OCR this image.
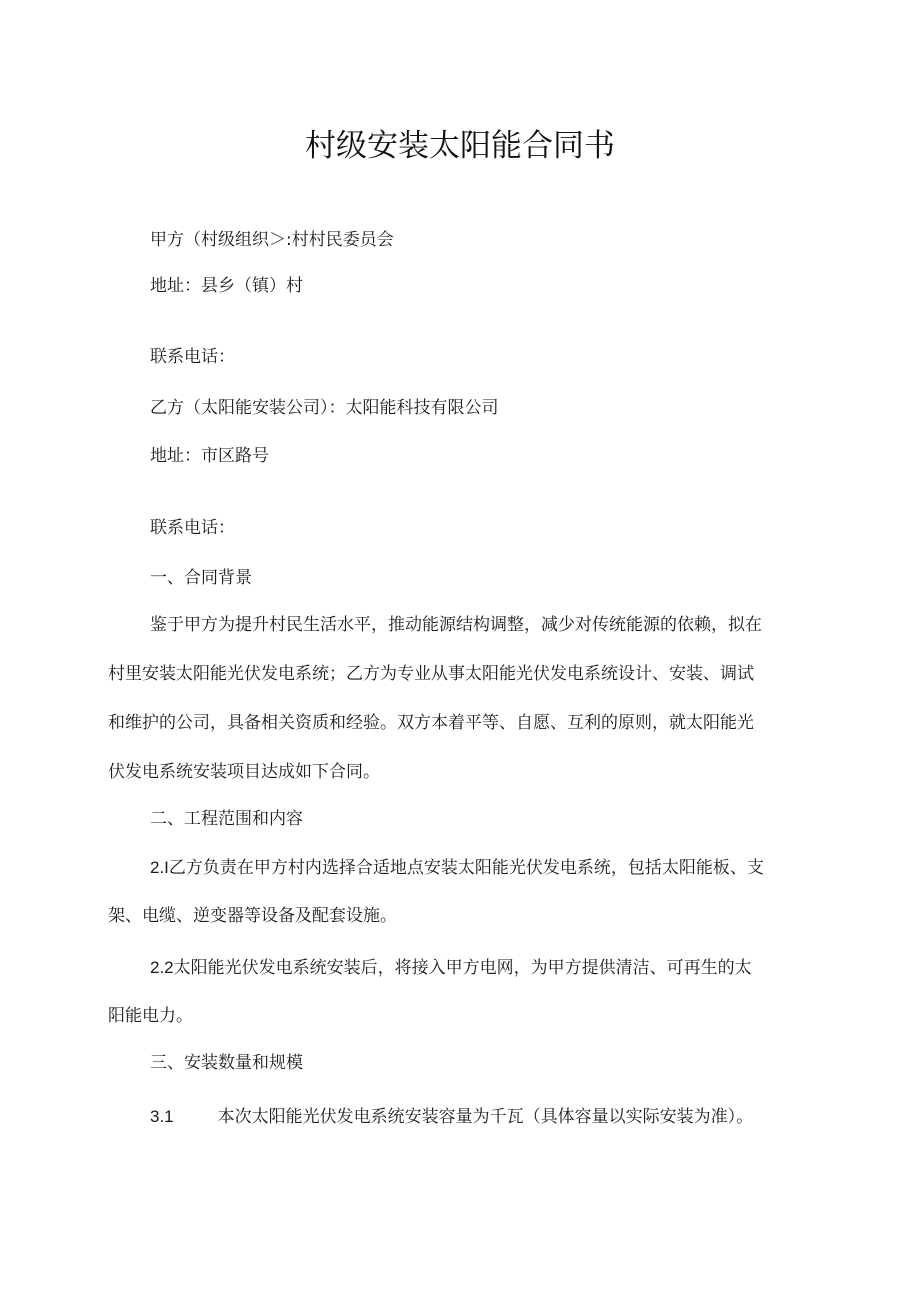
村级安装太阳能合同书
甲方（村级组织＞:村村民委员会
地址：县乡（镇）村
联系电话：
乙方（太阳能安装公司）：太阳能科技有限公司
地址：市区路号
联系电话：
一、合同背景
鉴于甲方为提升村民生活水平，推动能源结构调整，减少对传统能源的依赖，拟在
村里安装太阳能光伏发电系统；乙方为专业从事太阳能光伏发电系统设计、安装、调试
和维护的公司，具备相关资质和经验。双方本着平等、自愿、互利的原则，就太阳能光
伏发电系统安装项目达成如下合同。
二、工程范围和内容
2.I乙方负责在甲方村内选择合适地点安装太阳能光伏发电系统，包括太阳能板、支
架、电缆、逆变器等设备及配套设施。
2.2太阳能光伏发电系统安装后，将接入甲方电网，为甲方提供清洁、可再生的太
阳能电力。
三、安装数量和规模
3.1	本次太阳能光伏发电系统安装容量为千瓦（具体容量以实际安装为准）。
